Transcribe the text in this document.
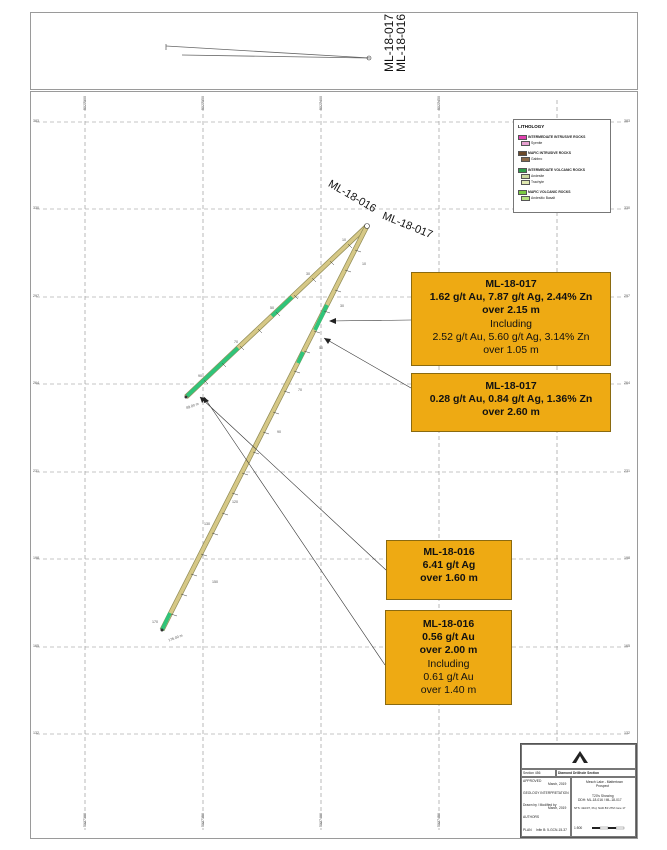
ML-18-017
ML-18-016
5327300	5327350	5327400	5327450
5327300	5327350	5327400	5327450
383
330
297
264
231
198
165
132
383
330
297
264
231
198
165
132
10
30
50
70
90
10
30
50
70
90
120
130
150
170
89.00 m
176.00 m
ML-18-016
ML-18-017
LITHOLOGY
INTERMEDIATE INTRUSIVE ROCKS
Syenite
MAFIC INTRUSIVE ROCKS
Gabbro
INTERMEDIATE VOLCANIC ROCKS
Andesite
Trachyte
MAFIC VOLCANIC ROCKS
Andesitic Basalt
ML-18-017
1.62 g/t Au, 7.87 g/t Ag, 2.44% Zn
over 2.15 m
Including
2.52 g/t Au, 5.60 g/t Ag, 3.14% Zn
over 1.05 m
ML-18-017
0.28 g/t Au, 0.84 g/t Ag, 1.36% Zn
over 2.60 m
ML-18-016
6.41 g/t Ag
over 1.60 m
ML-18-016
0.56 g/t Au
over 2.00 m
Including
0.61 g/t Au
over 1.40 m
Section 456	Diamond Drillhole Section
APPROVED
GEOLOGY INTERPRETATION
Drawn by / Modified by
AUTHORS
PLAN
March, 2019
March, 2019
Infin B: 5-GCN-15-37
Mesch Lake - Mattertown
Prospect
T20's Showing
DDH: ML-18-016 / ML-18-017
NTS: 42A/07, Proj: NAD 83 UTM zone 17
1:500
